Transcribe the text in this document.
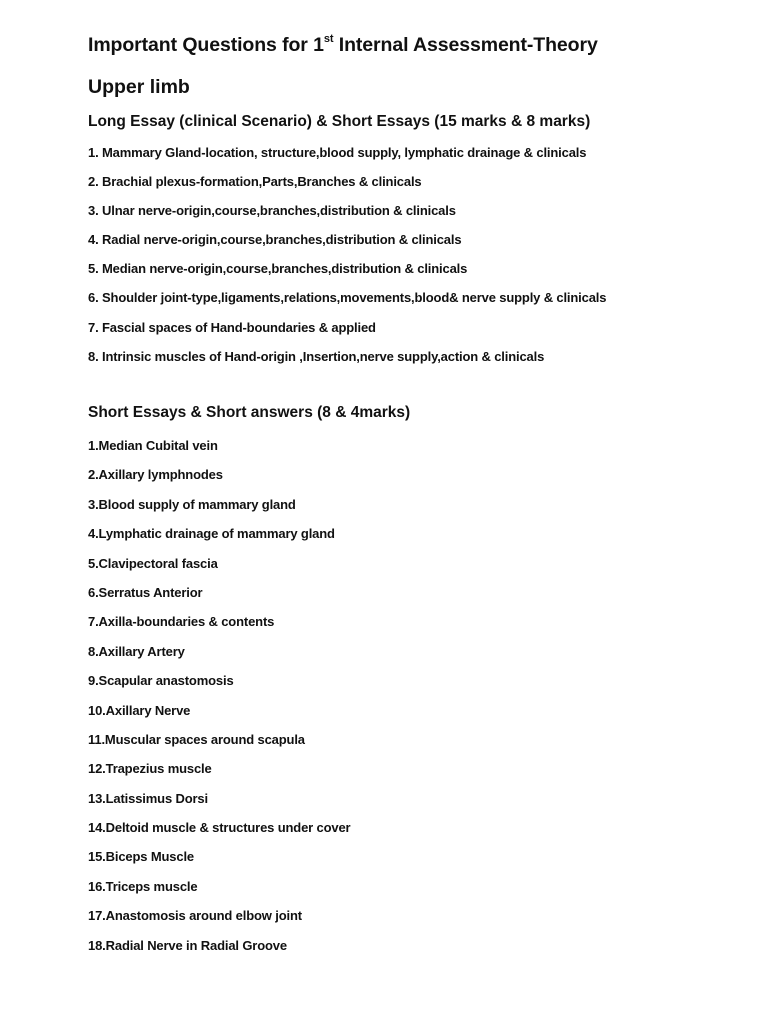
Important Questions for 1st Internal Assessment-Theory
Upper limb
Long Essay (clinical Scenario) & Short Essays (15 marks & 8 marks)
1. Mammary Gland-location, structure,blood supply, lymphatic drainage & clinicals
2. Brachial plexus-formation,Parts,Branches & clinicals
3. Ulnar nerve-origin,course,branches,distribution & clinicals
4. Radial nerve-origin,course,branches,distribution & clinicals
5. Median nerve-origin,course,branches,distribution & clinicals
6. Shoulder joint-type,ligaments,relations,movements,blood& nerve supply & clinicals
7. Fascial spaces of Hand-boundaries & applied
8. Intrinsic muscles of Hand-origin ,Insertion,nerve supply,action & clinicals
Short Essays & Short answers (8 & 4marks)
1.Median Cubital vein
2.Axillary lymphnodes
3.Blood supply of mammary gland
4.Lymphatic drainage of mammary gland
5.Clavipectoral fascia
6.Serratus Anterior
7.Axilla-boundaries & contents
8.Axillary Artery
9.Scapular anastomosis
10.Axillary Nerve
11.Muscular spaces around scapula
12.Trapezius muscle
13.Latissimus Dorsi
14.Deltoid muscle & structures under cover
15.Biceps Muscle
16.Triceps muscle
17.Anastomosis around elbow joint
18.Radial Nerve in Radial Groove
